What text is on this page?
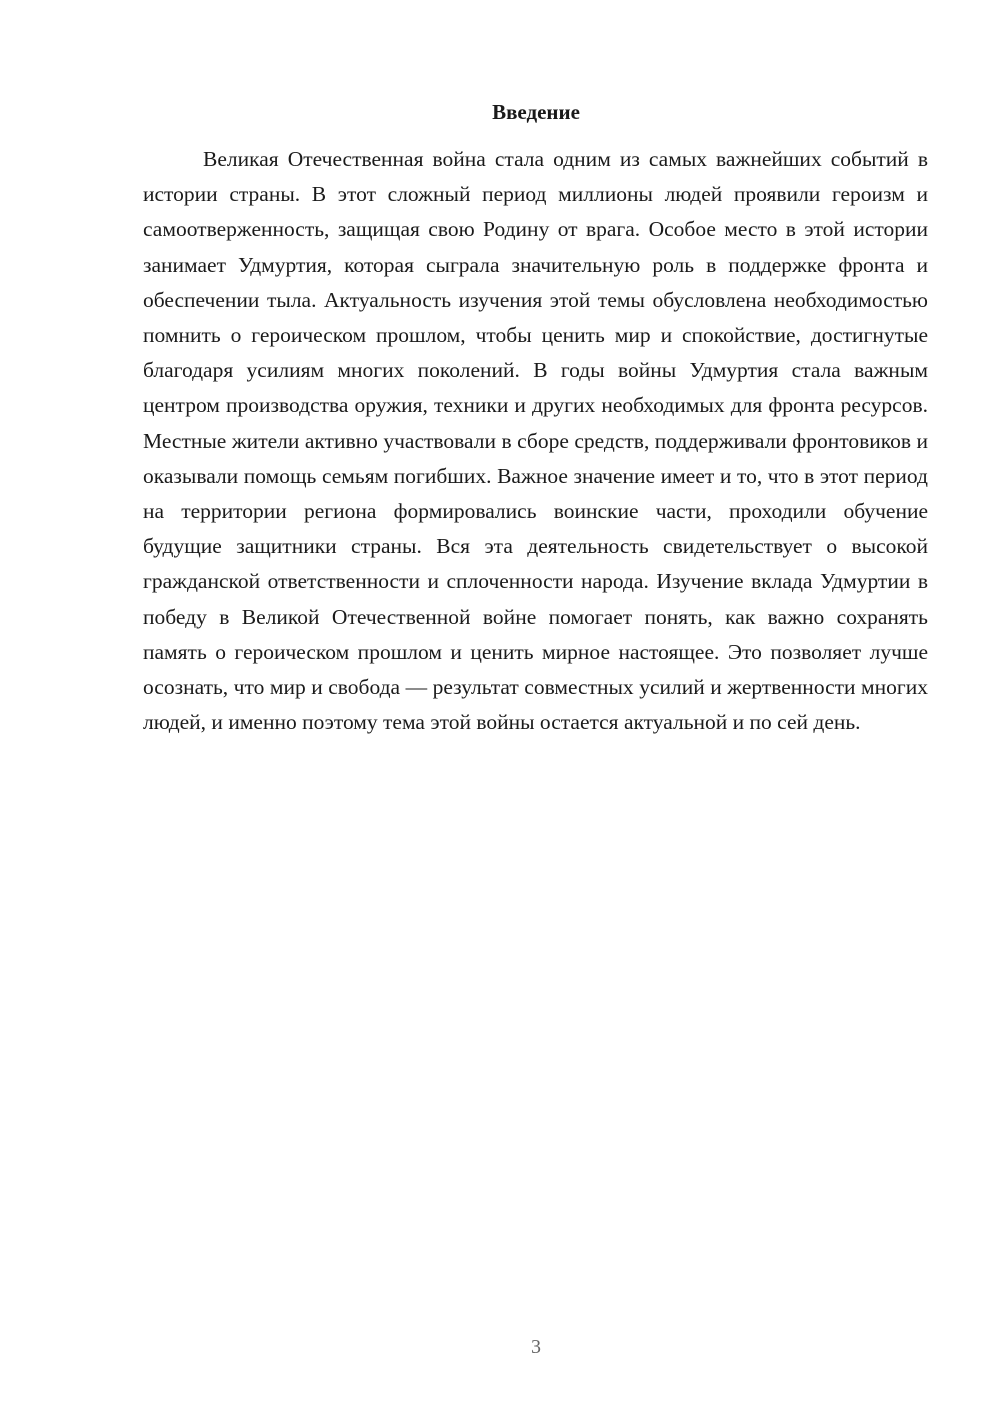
Введение

Великая Отечественная война стала одним из самых важнейших событий в истории страны. В этот сложный период миллионы людей проявили героизм и самоотверженность, защищая свою Родину от врага. Особое место в этой истории занимает Удмуртия, которая сыграла значительную роль в поддержке фронта и обеспечении тыла. Актуальность изучения этой темы обусловлена необходимостью помнить о героическом прошлом, чтобы ценить мир и спокойствие, достигнутые благодаря усилиям многих поколений. В годы войны Удмуртия стала важным центром производства оружия, техники и других необходимых для фронта ресурсов. Местные жители активно участвовали в сборе средств, поддерживали фронтовиков и оказывали помощь семьям погибших. Важное значение имеет и то, что в этот период на территории региона формировались воинские части, проходили обучение будущие защитники страны. Вся эта деятельность свидетельствует о высокой гражданской ответственности и сплоченности народа. Изучение вклада Удмуртии в победу в Великой Отечественной войне помогает понять, как важно сохранять память о героическом прошлом и ценить мирное настоящее. Это позволяет лучше осознать, что мир и свобода — результат совместных усилий и жертвенности многих людей, и именно поэтому тема этой войны остается актуальной и по сей день.

3
